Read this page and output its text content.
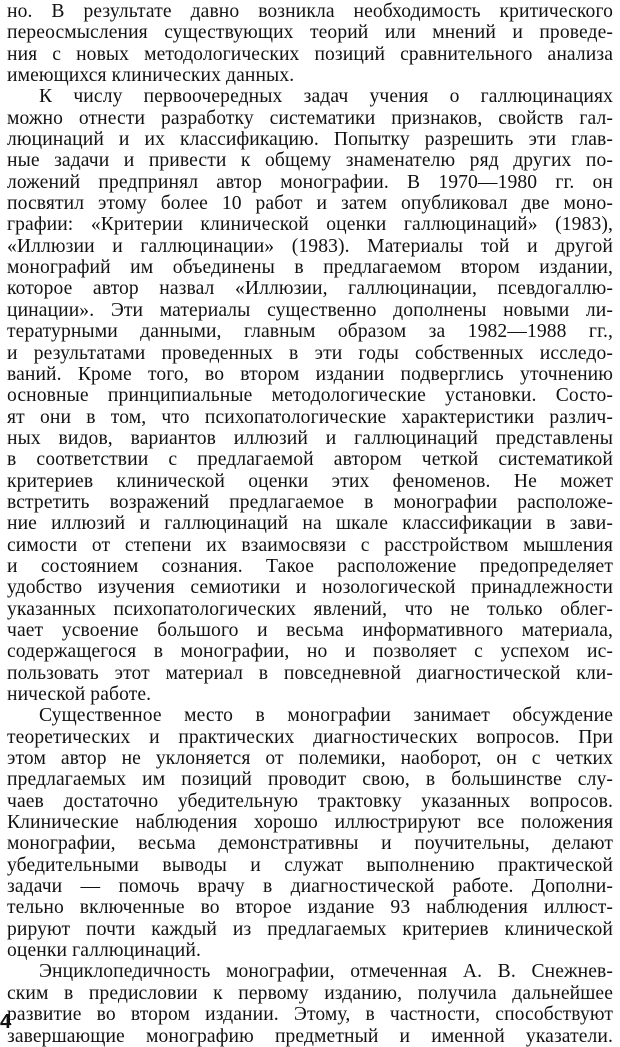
но. В результате давно возникла необходимость критического
переосмысления существующих теорий или мнений и проведе-
ния с новых методологических позиций сравнительного анализа
имеющихся клинических данных.
К числу первоочередных задач учения о галлюцинациях
можно отнести разработку систематики признаков, свойств гал-
люцинаций и их классификацию. Попытку разрешить эти глав-
ные задачи и привести к общему знаменателю ряд других по-
ложений предпринял автор монографии. В 1970—1980 гг. он
посвятил этому более 10 работ и затем опубликовал две моно-
графии: «Критерии клинической оценки галлюцинаций» (1983),
«Иллюзии и галлюцинации» (1983). Материалы той и другой
монографий им объединены в предлагаемом втором издании,
которое автор назвал «Иллюзии, галлюцинации, псевдогаллю-
цинации». Эти материалы существенно дополнены новыми ли-
тературными данными, главным образом за 1982—1988 гг.,
и результатами проведенных в эти годы собственных исследо-
ваний. Кроме того, во втором издании подверглись уточнению
основные принципиальные методологические установки. Состо-
ят они в том, что психопатологические характеристики различ-
ных видов, вариантов иллюзий и галлюцинаций представлены
в соответствии с предлагаемой автором четкой систематикой
критериев клинической оценки этих феноменов. Не может
встретить возражений предлагаемое в монографии расположе-
ние иллюзий и галлюцинаций на шкале классификации в зави-
симости от степени их взаимосвязи с расстройством мышления
и состоянием сознания. Такое расположение предопределяет
удобство изучения семиотики и нозологической принадлежности
указанных психопатологических явлений, что не только облег-
чает усвоение большого и весьма информативного материала,
содержащегося в монографии, но и позволяет с успехом ис-
пользовать этот материал в повседневной диагностической кли-
нической работе.
Существенное место в монографии занимает обсуждение
теоретических и практических диагностических вопросов. При
этом автор не уклоняется от полемики, наоборот, он с четких
предлагаемых им позиций проводит свою, в большинстве слу-
чаев достаточно убедительную трактовку указанных вопросов.
Клинические наблюдения хорошо иллюстрируют все положения
монографии, весьма демонстративны и поучительны, делают
убедительными выводы и служат выполнению практической
задачи — помочь врачу в диагностической работе. Дополни-
тельно включенные во второе издание 93 наблюдения иллюст-
рируют почти каждый из предлагаемых критериев клинической
оценки галлюцинаций.
Энциклопедичность монографии, отмеченная А. В. Снежнев-
ским в предисловии к первому изданию, получила дальнейшее
развитие во втором издании. Этому, в частности, способствуют
завершающие монографию предметный и именной указатели.
4
